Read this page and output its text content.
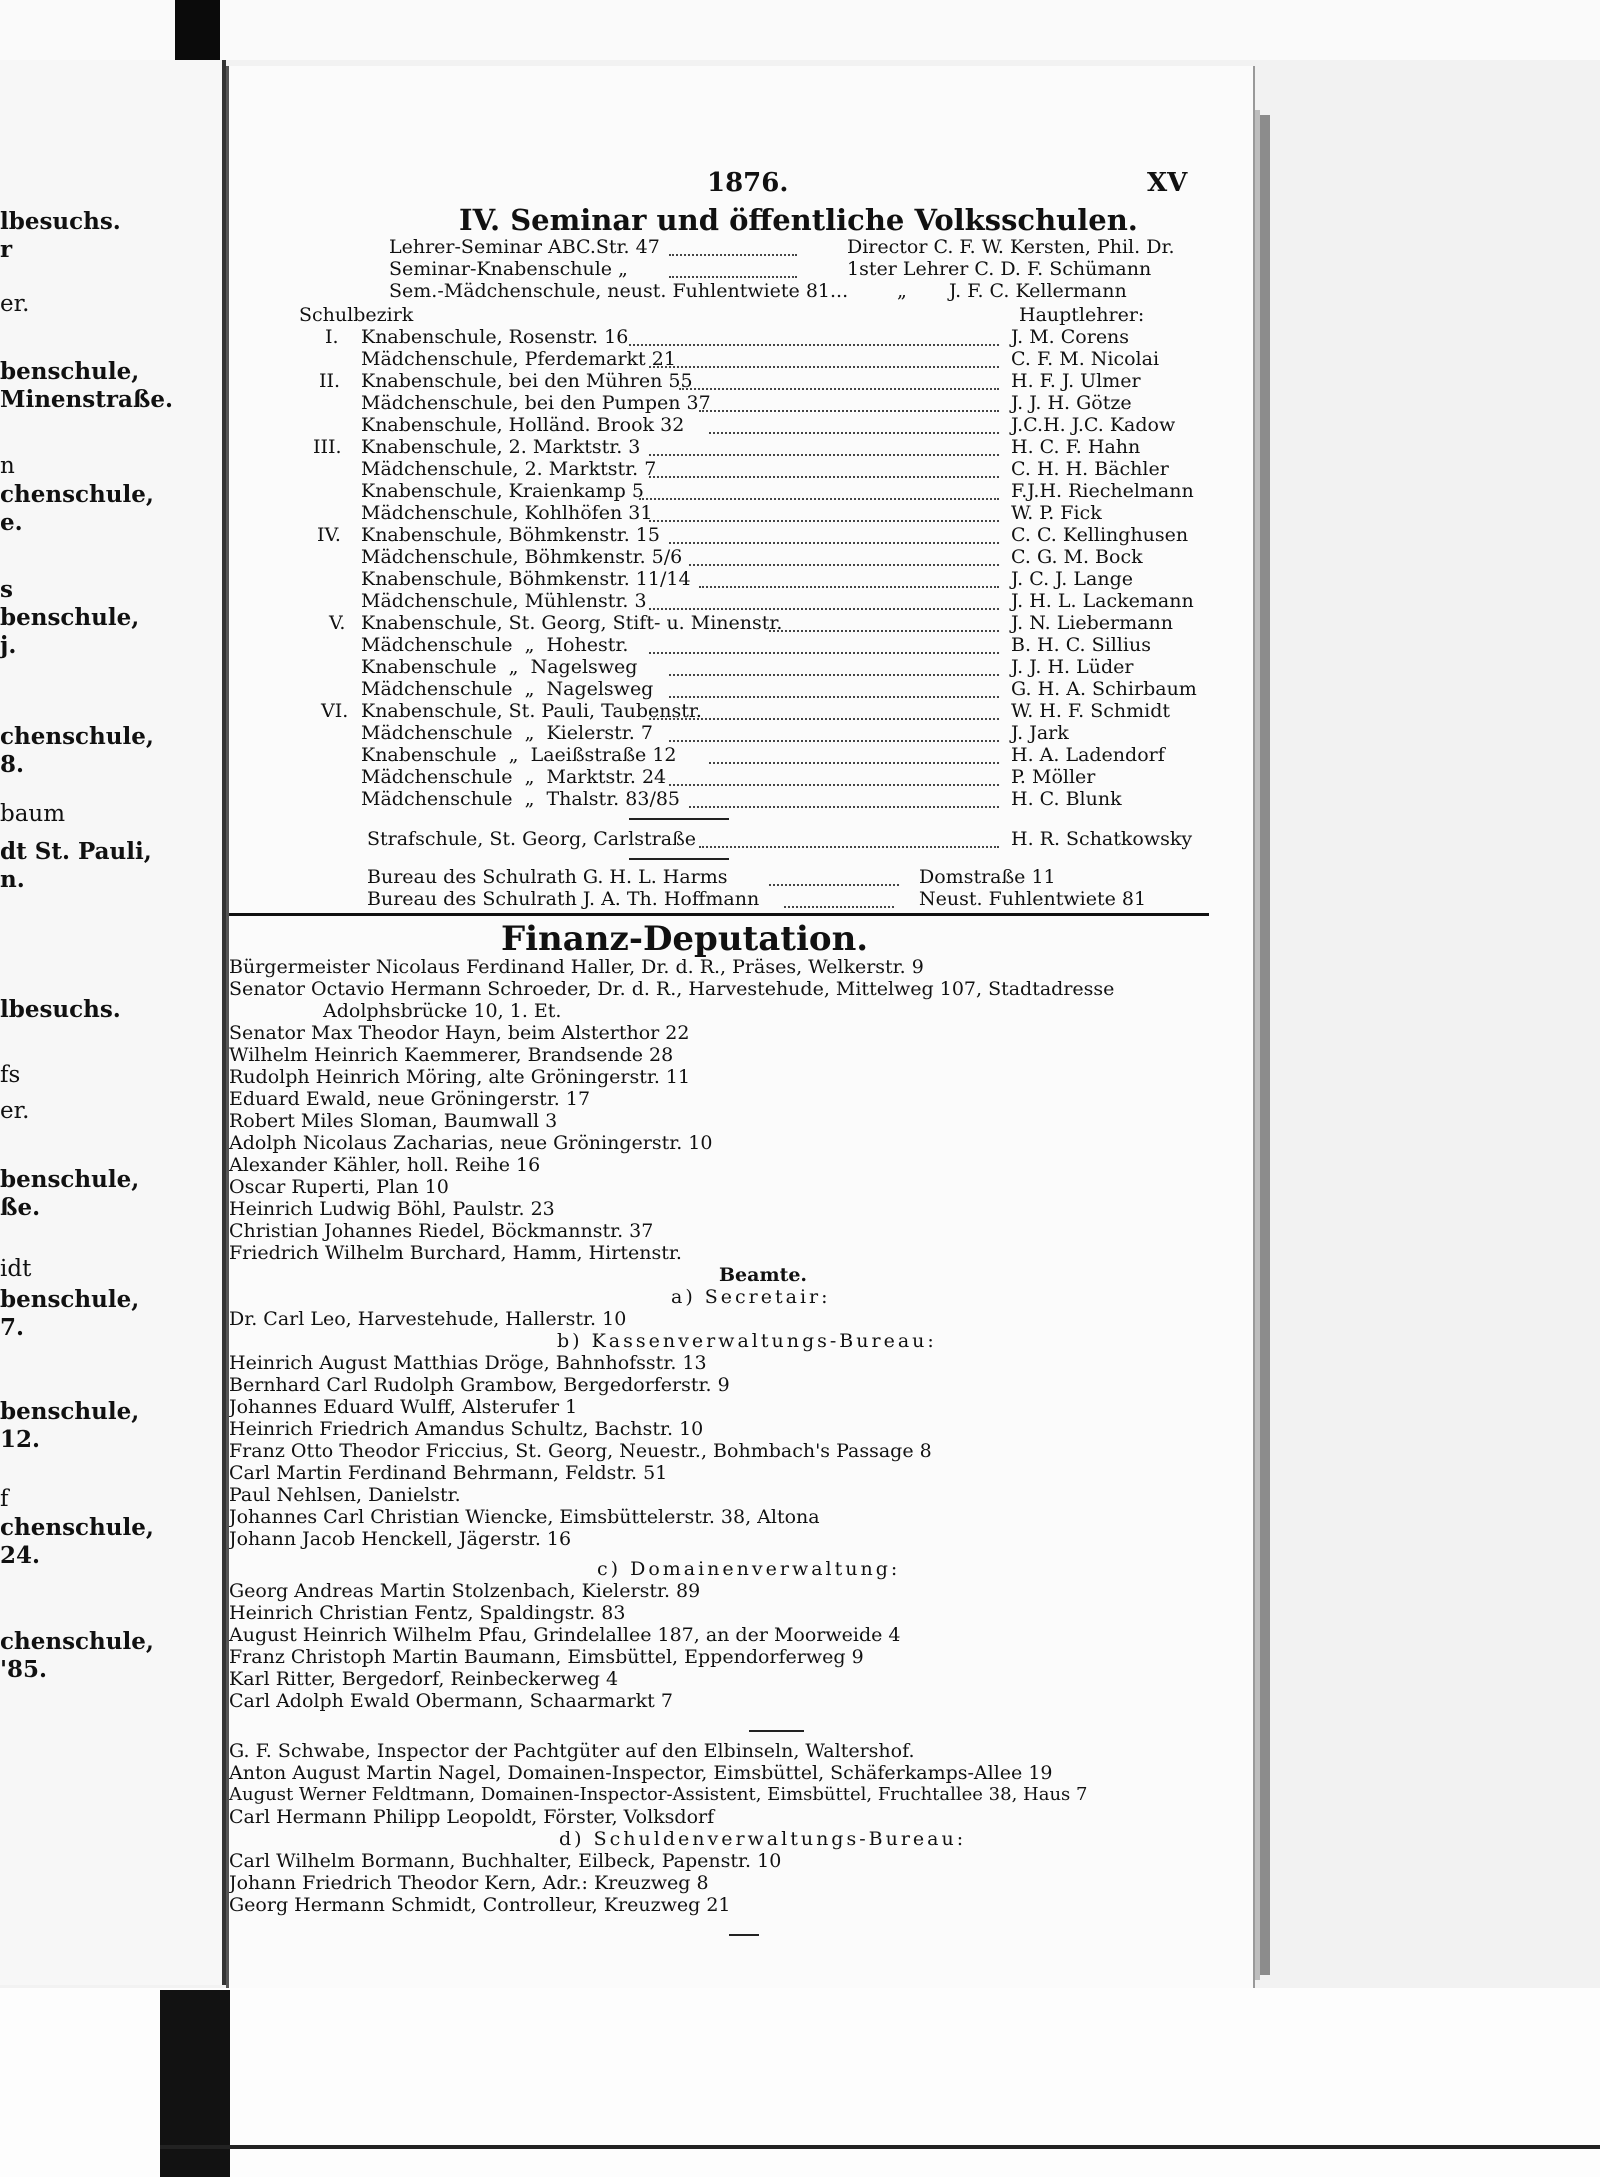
lbesuchs.
r
er.
benschule,
Minenstraße.
n
chenschule,
e.
s
benschule,
j.
chenschule,
8.
baum
dt St. Pauli,
n.
lbesuchs.
fs
er.
benschule,
ße.
idt
benschule,
7.
benschule,
12.
f
chenschule,
24.
chenschule,
'85.
1876.	XV
IV. Seminar und öffentliche Volksschulen.
Lehrer-Seminar ABC.Str. 47	Director C. F. W. Kersten, Phil. Dr.
Seminar-Knabenschule „	1ster Lehrer C. D. F. Schümann
Sem.-Mädchenschule, neust. Fuhlentwiete 81...	„ J. F. C. Kellermann
Schulbezirk	Hauptlehrer:
I. Knabenschule, Rosenstr. 16	J. M. Corens
Mädchenschule, Pferdemarkt 21	C. F. M. Nicolai
II. Knabenschule, bei den Mühren 55	H. F. J. Ulmer
Mädchenschule, bei den Pumpen 37	J. J. H. Götze
Knabenschule, Holländ. Brook 32	J.C.H. J.C. Kadow
III. Knabenschule, 2. Marktstr. 3	H. C. F. Hahn
Mädchenschule, 2. Marktstr. 7	C. H. H. Bächler
Knabenschule, Kraienkamp 5	F.J.H. Riechelmann
Mädchenschule, Kohlhöfen 31	W. P. Fick
IV. Knabenschule, Böhmkenstr. 15	C. C. Kellinghusen
Mädchenschule, Böhmkenstr. 5/6	C. G. M. Bock
Knabenschule, Böhmkenstr. 11/14	J. C. J. Lange
Mädchenschule, Mühlenstr. 3	J. H. L. Lackemann
V. Knabenschule, St. Georg, Stift- u. Minenstr.	J. N. Liebermann
Mädchenschule  „  Hohestr.	B. H. C. Sillius
Knabenschule  „  Nagelsweg	J. J. H. Lüder
Mädchenschule  „  Nagelsweg	G. H. A. Schirbaum
VI. Knabenschule, St. Pauli, Taubenstr.	W. H. F. Schmidt
Mädchenschule  „  Kielerstr. 7	J. Jark
Knabenschule  „  Laeißstraße 12	H. A. Ladendorf
Mädchenschule  „  Marktstr. 24	P. Möller
Mädchenschule  „  Thalstr. 83/85	H. C. Blunk
Strafschule, St. Georg, Carlstraße	H. R. Schatkowsky
Bureau des Schulrath G. H. L. Harms	Domstraße 11
Bureau des Schulrath J. A. Th. Hoffmann	Neust. Fuhlentwiete 81
Finanz-Deputation.
Bürgermeister Nicolaus Ferdinand Haller, Dr. d. R., Präses, Welkerstr. 9
Senator Octavio Hermann Schroeder, Dr. d. R., Harvestehude, Mittelweg 107, Stadtadresse
Adolphsbrücke 10, 1. Et.
Senator Max Theodor Hayn, beim Alsterthor 22
Wilhelm Heinrich Kaemmerer, Brandsende 28
Rudolph Heinrich Möring, alte Gröningerstr. 11
Eduard Ewald, neue Gröningerstr. 17
Robert Miles Sloman, Baumwall 3
Adolph Nicolaus Zacharias, neue Gröningerstr. 10
Alexander Kähler, holl. Reihe 16
Oscar Ruperti, Plan 10
Heinrich Ludwig Böhl, Paulstr. 23
Christian Johannes Riedel, Böckmannstr. 37
Friedrich Wilhelm Burchard, Hamm, Hirtenstr.
Beamte.
a) Secretair:
Dr. Carl Leo, Harvestehude, Hallerstr. 10
b) Kassenverwaltungs-Bureau:
Heinrich August Matthias Dröge, Bahnhofsstr. 13
Bernhard Carl Rudolph Grambow, Bergedorferstr. 9
Johannes Eduard Wulff, Alsterufer 1
Heinrich Friedrich Amandus Schultz, Bachstr. 10
Franz Otto Theodor Friccius, St. Georg, Neuestr., Bohmbach's Passage 8
Carl Martin Ferdinand Behrmann, Feldstr. 51
Paul Nehlsen, Danielstr.
Johannes Carl Christian Wiencke, Eimsbüttelerstr. 38, Altona
Johann Jacob Henckell, Jägerstr. 16
c) Domainenverwaltung:
Georg Andreas Martin Stolzenbach, Kielerstr. 89
Heinrich Christian Fentz, Spaldingstr. 83
August Heinrich Wilhelm Pfau, Grindelallee 187, an der Moorweide 4
Franz Christoph Martin Baumann, Eimsbüttel, Eppendorferweg 9
Karl Ritter, Bergedorf, Reinbeckerweg 4
Carl Adolph Ewald Obermann, Schaarmarkt 7
G. F. Schwabe, Inspector der Pachtgüter auf den Elbinseln, Waltershof.
Anton August Martin Nagel, Domainen-Inspector, Eimsbüttel, Schäferkamps-Allee 19
August Werner Feldtmann, Domainen-Inspector-Assistent, Eimsbüttel, Fruchtallee 38, Haus 7
Carl Hermann Philipp Leopoldt, Förster, Volksdorf
d) Schuldenverwaltungs-Bureau:
Carl Wilhelm Bormann, Buchhalter, Eilbeck, Papenstr. 10
Johann Friedrich Theodor Kern, Adr.: Kreuzweg 8
Georg Hermann Schmidt, Controlleur, Kreuzweg 21
